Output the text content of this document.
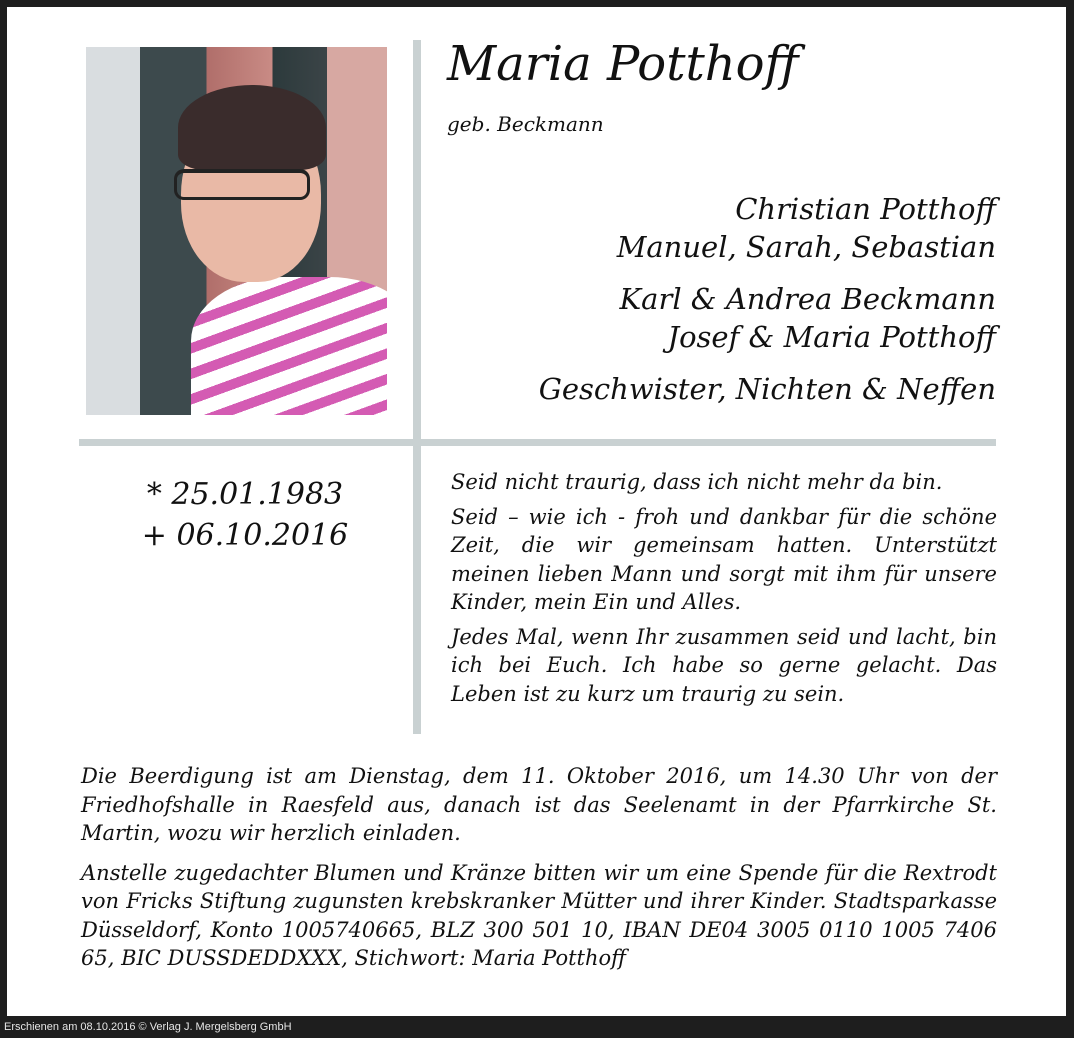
Maria Potthoff
geb. Beckmann
Christian Potthoff
Manuel, Sarah, Sebastian
Karl & Andrea Beckmann
Josef & Maria Potthoff
Geschwister, Nichten & Neffen
* 25.01.1983
+ 06.10.2016

Seid nicht traurig, dass ich nicht mehr da bin.

Seid – wie ich - froh und dankbar für die schöne Zeit, die wir gemeinsam hatten. Unterstützt meinen lieben Mann und sorgt mit ihm für unsere Kinder, mein Ein und Alles.

Jedes Mal, wenn Ihr zusammen seid und lacht, bin ich bei Euch. Ich habe so gerne gelacht. Das Leben ist zu kurz um traurig zu sein.

Die Beerdigung ist am Dienstag, dem 11. Oktober 2016, um 14.30 Uhr von der Friedhofshalle in Raesfeld aus, danach ist das Seelenamt in der Pfarrkirche St. Martin, wozu wir herzlich einladen.

Anstelle zugedachter Blumen und Kränze bitten wir um eine Spende für die Rextrodt von Fricks Stiftung zugunsten krebskranker Mütter und ihrer Kinder. Stadtsparkasse Düsseldorf, Konto 1005740665, BLZ 300 501 10, IBAN DE04 3005 0110 1005 7406 65, BIC DUSSDEDDXXX, Stichwort: Maria Potthoff

Erschienen am 08.10.2016 © Verlag J. Mergelsberg GmbH
